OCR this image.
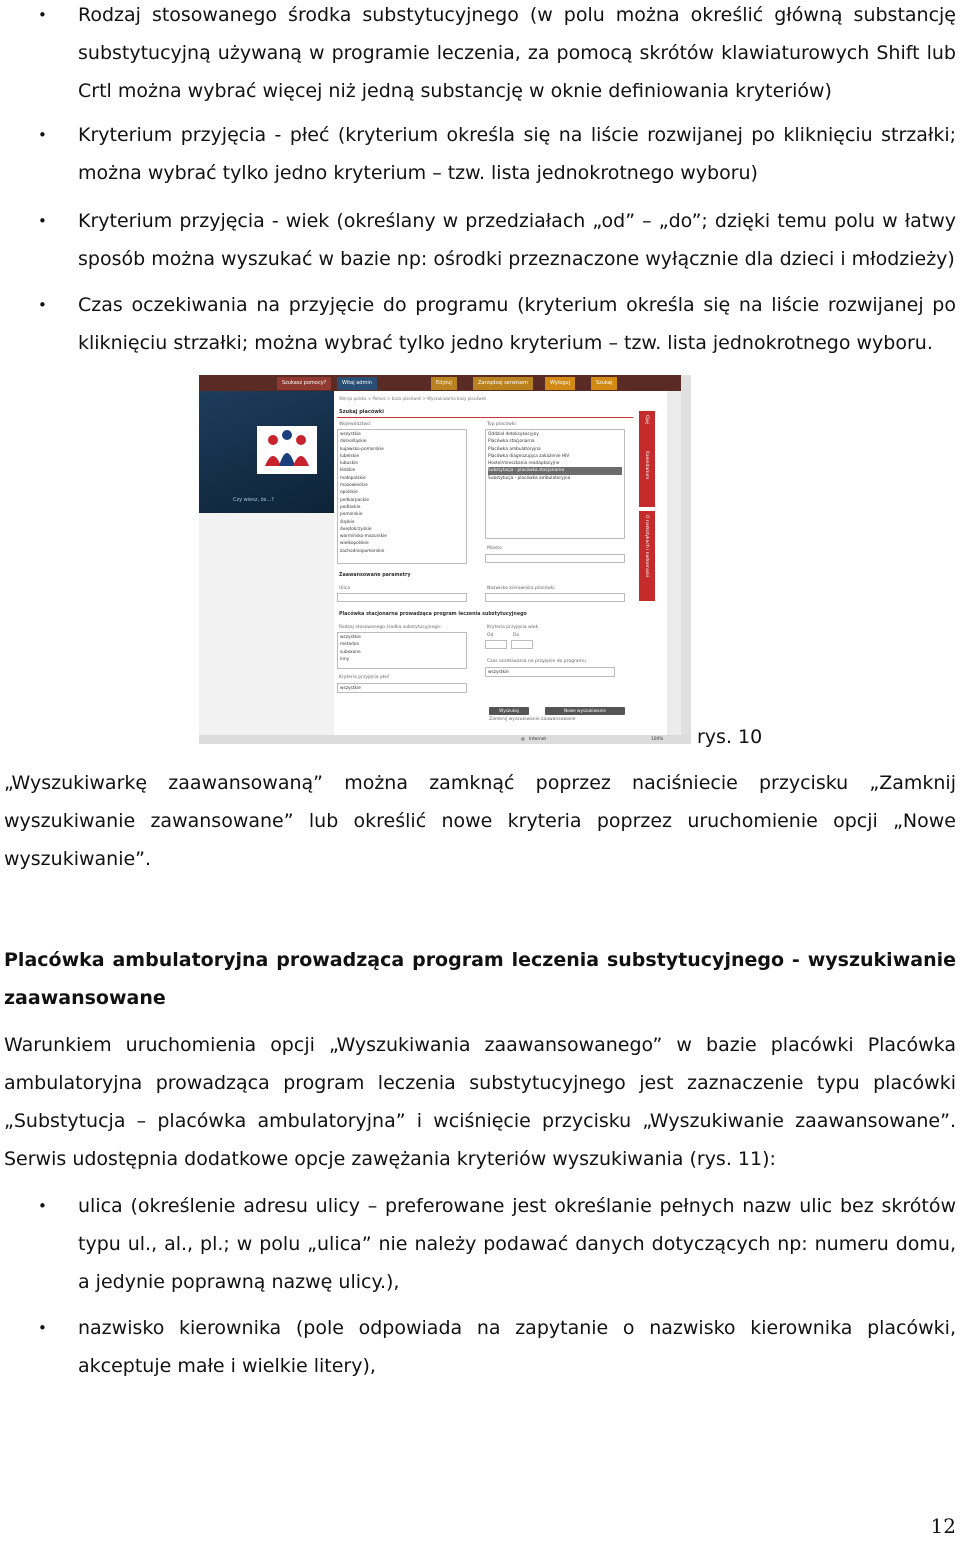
• Rodzaj stosowanego środka substytucyjnego (w polu można określić główną substancję substytucyjną używaną w programie leczenia, za pomocą skrótów klawiaturowych Shift lub Crtl można wybrać więcej niż jedną substancję w oknie definiowania kryteriów)

• Kryterium przyjęcia - płeć (kryterium określa się na liście rozwijanej po kliknięciu strzałki; można wybrać tylko jedno kryterium – tzw. lista jednokrotnego wyboru)

• Kryterium przyjęcia - wiek (określany w przedziałach „od” – „do”; dzięki temu polu w łatwy sposób można wyszukać w bazie np: ośrodki przeznaczone wyłącznie dla dzieci i młodzieży)

• Czas oczekiwania na przyjęcie do programu (kryterium określa się na liście rozwijanej po kliknięciu strzałki; można wybrać tylko jedno kryterium – tzw. lista jednokrotnego wyboru.

Szukasz pomocy?	Witaj admin	Edytuj	Zarządzaj serwisem	Wyloguj	Szukaj
Czy wiesz, że...?
Wersja polska > Pomoc > baza placówek > Wyszukiwarka bazy placówek
Szukaj placówki
Województwo:
wszystkie
dolnośląskie
kujawsko-pomorskie
lubelskie
lubuskie
łódzkie
małopolskie
mazowieckie
opolskie
podkarpackie
podlaskie
pomorskie
śląskie
świętokrzyskie
warmińsko-mazurskie
wielkopolskie
zachodniopomorskie
Typ placówki:
Oddział detoksykacyjny
Placówka stacjonarna
Placówka ambulatoryjna
Placówka diagnozująca zakażenie HIV
Hostel/mieszkania readaptacyjne
Substytucja - placówka stacjonarna
Substytucja - placówka ambulatoryjna
Miasto
Zaawansowane parametry
Ulica	Nazwisko kierownika placówki
Placówka stacjonarna prowadząca program leczenia substytucyjnego
Rodzaj stosowanego środka substytucyjnego:
wszystkie
metadon
suboxone
inny
Kryteria przyjęcia wiek
Od	Do
Czas oczekiwania na przyjęcie do programu
wszystkie
Kryteria przyjęcia płeć
wszystkie
Wyszukaj	Nowe wyszukiwanie
Zamknij wyszukiwanie zaawansowane
Ojej
Kalendarium
O narkotykach i narkomanii
◍ Internet	100% rys. 10

„Wyszukiwarkę zaawansowaną” można zamknąć poprzez naciśniecie przycisku „Zamknij wyszukiwanie zawansowane” lub określić nowe kryteria poprzez uruchomienie opcji „Nowe wyszukiwanie”.

Placówka ambulatoryjna prowadząca program leczenia substytucyjnego - wyszukiwanie zaawansowane

Warunkiem uruchomienia opcji „Wyszukiwania zaawansowanego” w bazie placówki Placówka ambulatoryjna prowadząca program leczenia substytucyjnego jest zaznaczenie typu placówki „Substytucja – placówka ambulatoryjna” i wciśnięcie przycisku „Wyszukiwanie zaawansowane”. Serwis udostępnia dodatkowe opcje zawężania kryteriów wyszukiwania (rys. 11):

• ulica (określenie adresu ulicy – preferowane jest określanie pełnych nazw ulic bez skrótów typu ul., al., pl.; w polu „ulica” nie należy podawać danych dotyczących np: numeru domu, a jedynie poprawną nazwę ulicy.),

• nazwisko kierownika (pole odpowiada na zapytanie o nazwisko kierownika placówki, akceptuje małe i wielkie litery),

12
